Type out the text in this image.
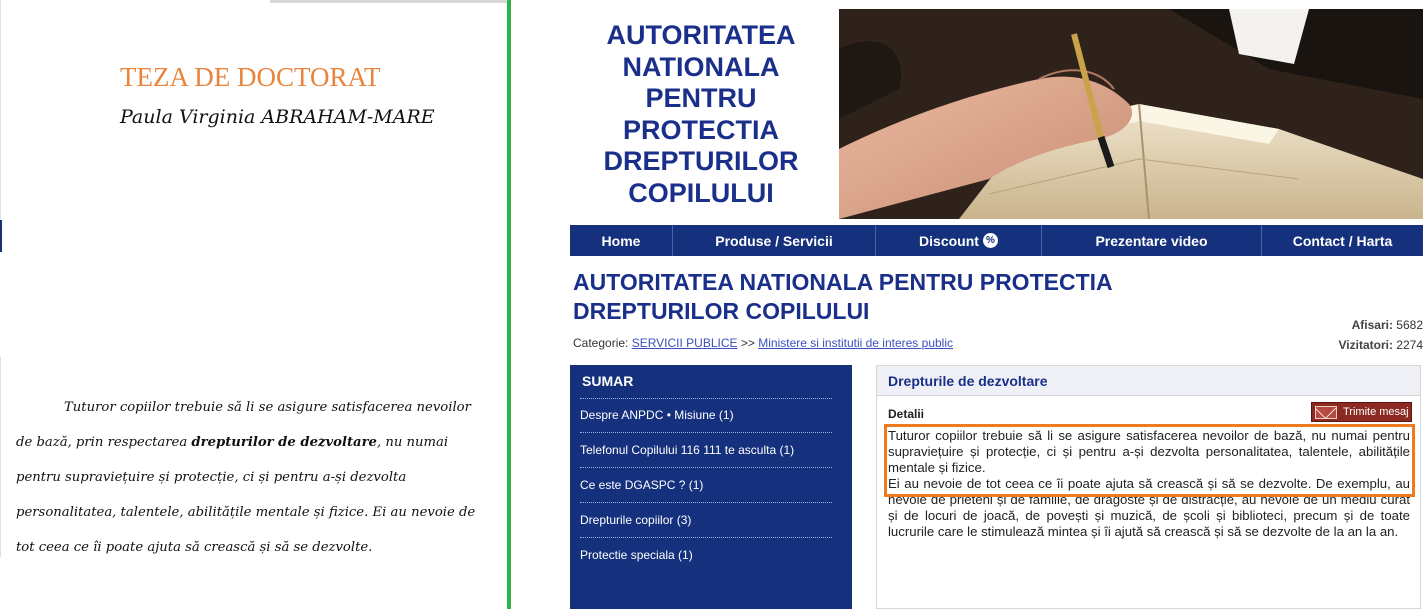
TEZA DE DOCTORAT
Paula Virginia ABRAHAM-MARE
Tuturor copiilor trebuie să li se asigure satisfacerea nevoilor de bază, prin respectarea drepturilor de dezvoltare, nu numai pentru supraviețuire și protecție, ci și pentru a-și dezvolta personalitatea, talentele, abilitățile mentale și fizice. Ei au nevoie de tot ceea ce îi poate ajuta să crească și să se dezvolte.
AUTORITATEA NATIONALA PENTRU PROTECTIA DREPTURILOR COPILULUI
Home	Produse / Servicii	Discount %	Prezentare video	Contact / Harta
AUTORITATEA NATIONALA PENTRU PROTECTIA DREPTURILOR COPILULUI
Categorie: SERVICII PUBLICE >> Ministere si institutii de interes public
Afisari: 5682
Vizitatori: 2274
SUMAR
Despre ANPDC • Misiune (1)
Telefonul Copilului 116 111 te asculta (1)
Ce este DGASPC ? (1)
Drepturile copiilor (3)
Protectie speciala (1)
Drepturile de dezvoltare
Detalii	Trimite mesaj

Tuturor copiilor trebuie să li se asigure satisfacerea nevoilor de bază, nu numai pentru supraviețuire și protecție, ci și pentru a-și dezvolta personalitatea, talentele, abilitățile mentale și fizice.

Ei au nevoie de tot ceea ce îi poate ajuta să crească și să se dezvolte. De exemplu, au nevoie de prieteni și de familie, de dragoste și de distracție, au nevoie de un mediu curat și de locuri de joacă, de povești și muzică, de școli și biblioteci, precum și de toate lucrurile care le stimulează mintea și îi ajută să crească și să se dezvolte de la an la an.
